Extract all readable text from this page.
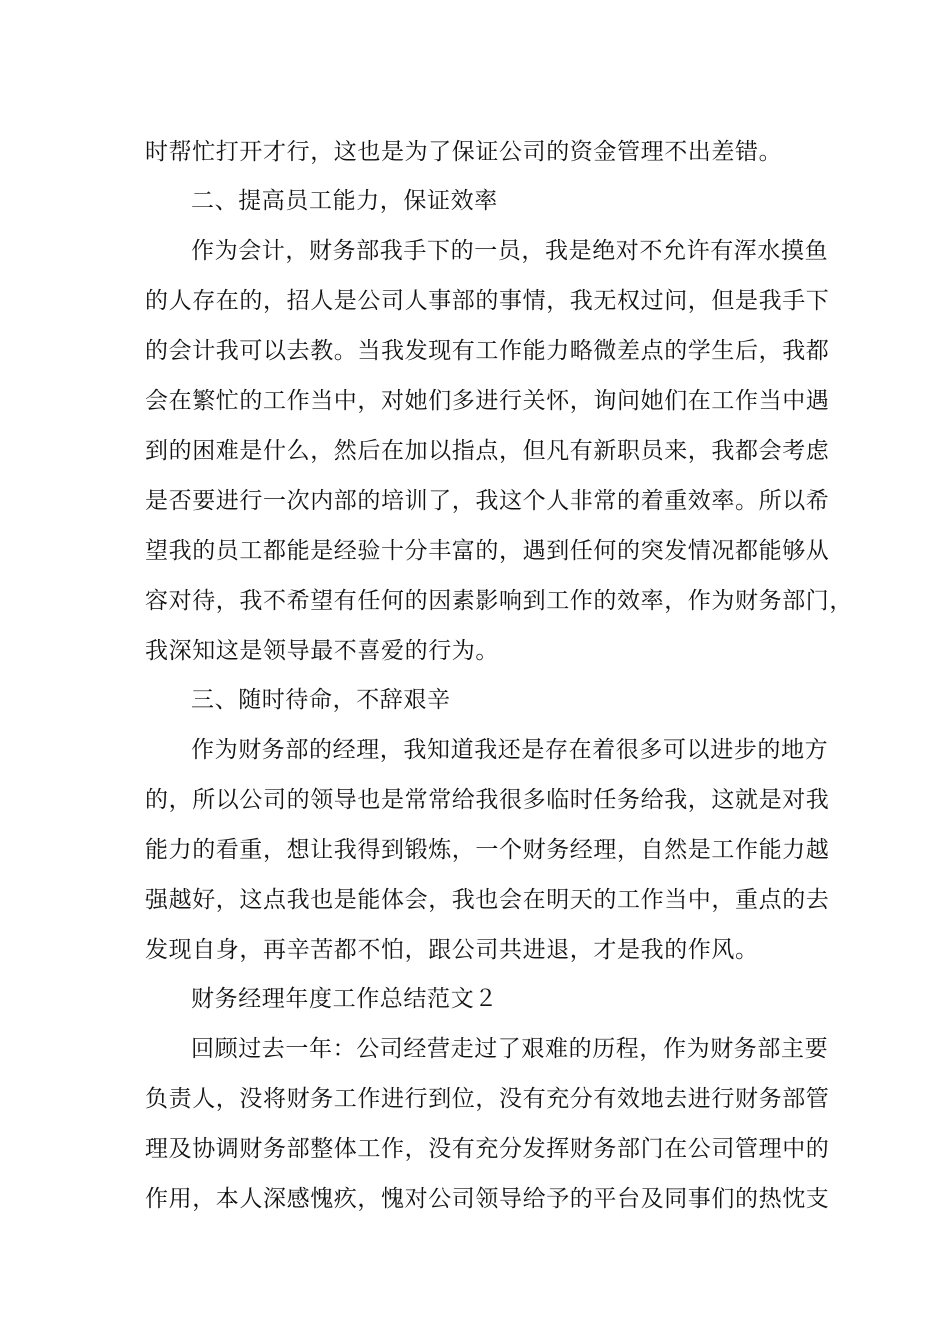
时帮忙打开才行，这也是为了保证公司的资金管理不出差错。

二、提高员工能力，保证效率

作为会计，财务部我手下的一员，我是绝对不允许有浑水摸鱼

的人存在的，招人是公司人事部的事情，我无权过问，但是我手下

的会计我可以去教。当我发现有工作能力略微差点的学生后，我都

会在繁忙的工作当中，对她们多进行关怀，询问她们在工作当中遇

到的困难是什么，然后在加以指点，但凡有新职员来，我都会考虑

是否要进行一次内部的培训了，我这个人非常的着重效率。所以希

望我的员工都能是经验十分丰富的，遇到任何的突发情况都能够从

容对待，我不希望有任何的因素影响到工作的效率，作为财务部门，

我深知这是领导最不喜爱的行为。

三、随时待命，不辞艰辛

作为财务部的经理，我知道我还是存在着很多可以进步的地方

的，所以公司的领导也是常常给我很多临时任务给我，这就是对我

能力的看重，想让我得到锻炼，一个财务经理，自然是工作能力越

强越好，这点我也是能体会，我也会在明天的工作当中，重点的去

发现自身，再辛苦都不怕，跟公司共进退，才是我的作风。

财务经理年度工作总结范文２

回顾过去一年：公司经营走过了艰难的历程，作为财务部主要

负责人，没将财务工作进行到位，没有充分有效地去进行财务部管

理及协调财务部整体工作，没有充分发挥财务部门在公司管理中的

作用，本人深感愧疚，愧对公司领导给予的平台及同事们的热忱支
